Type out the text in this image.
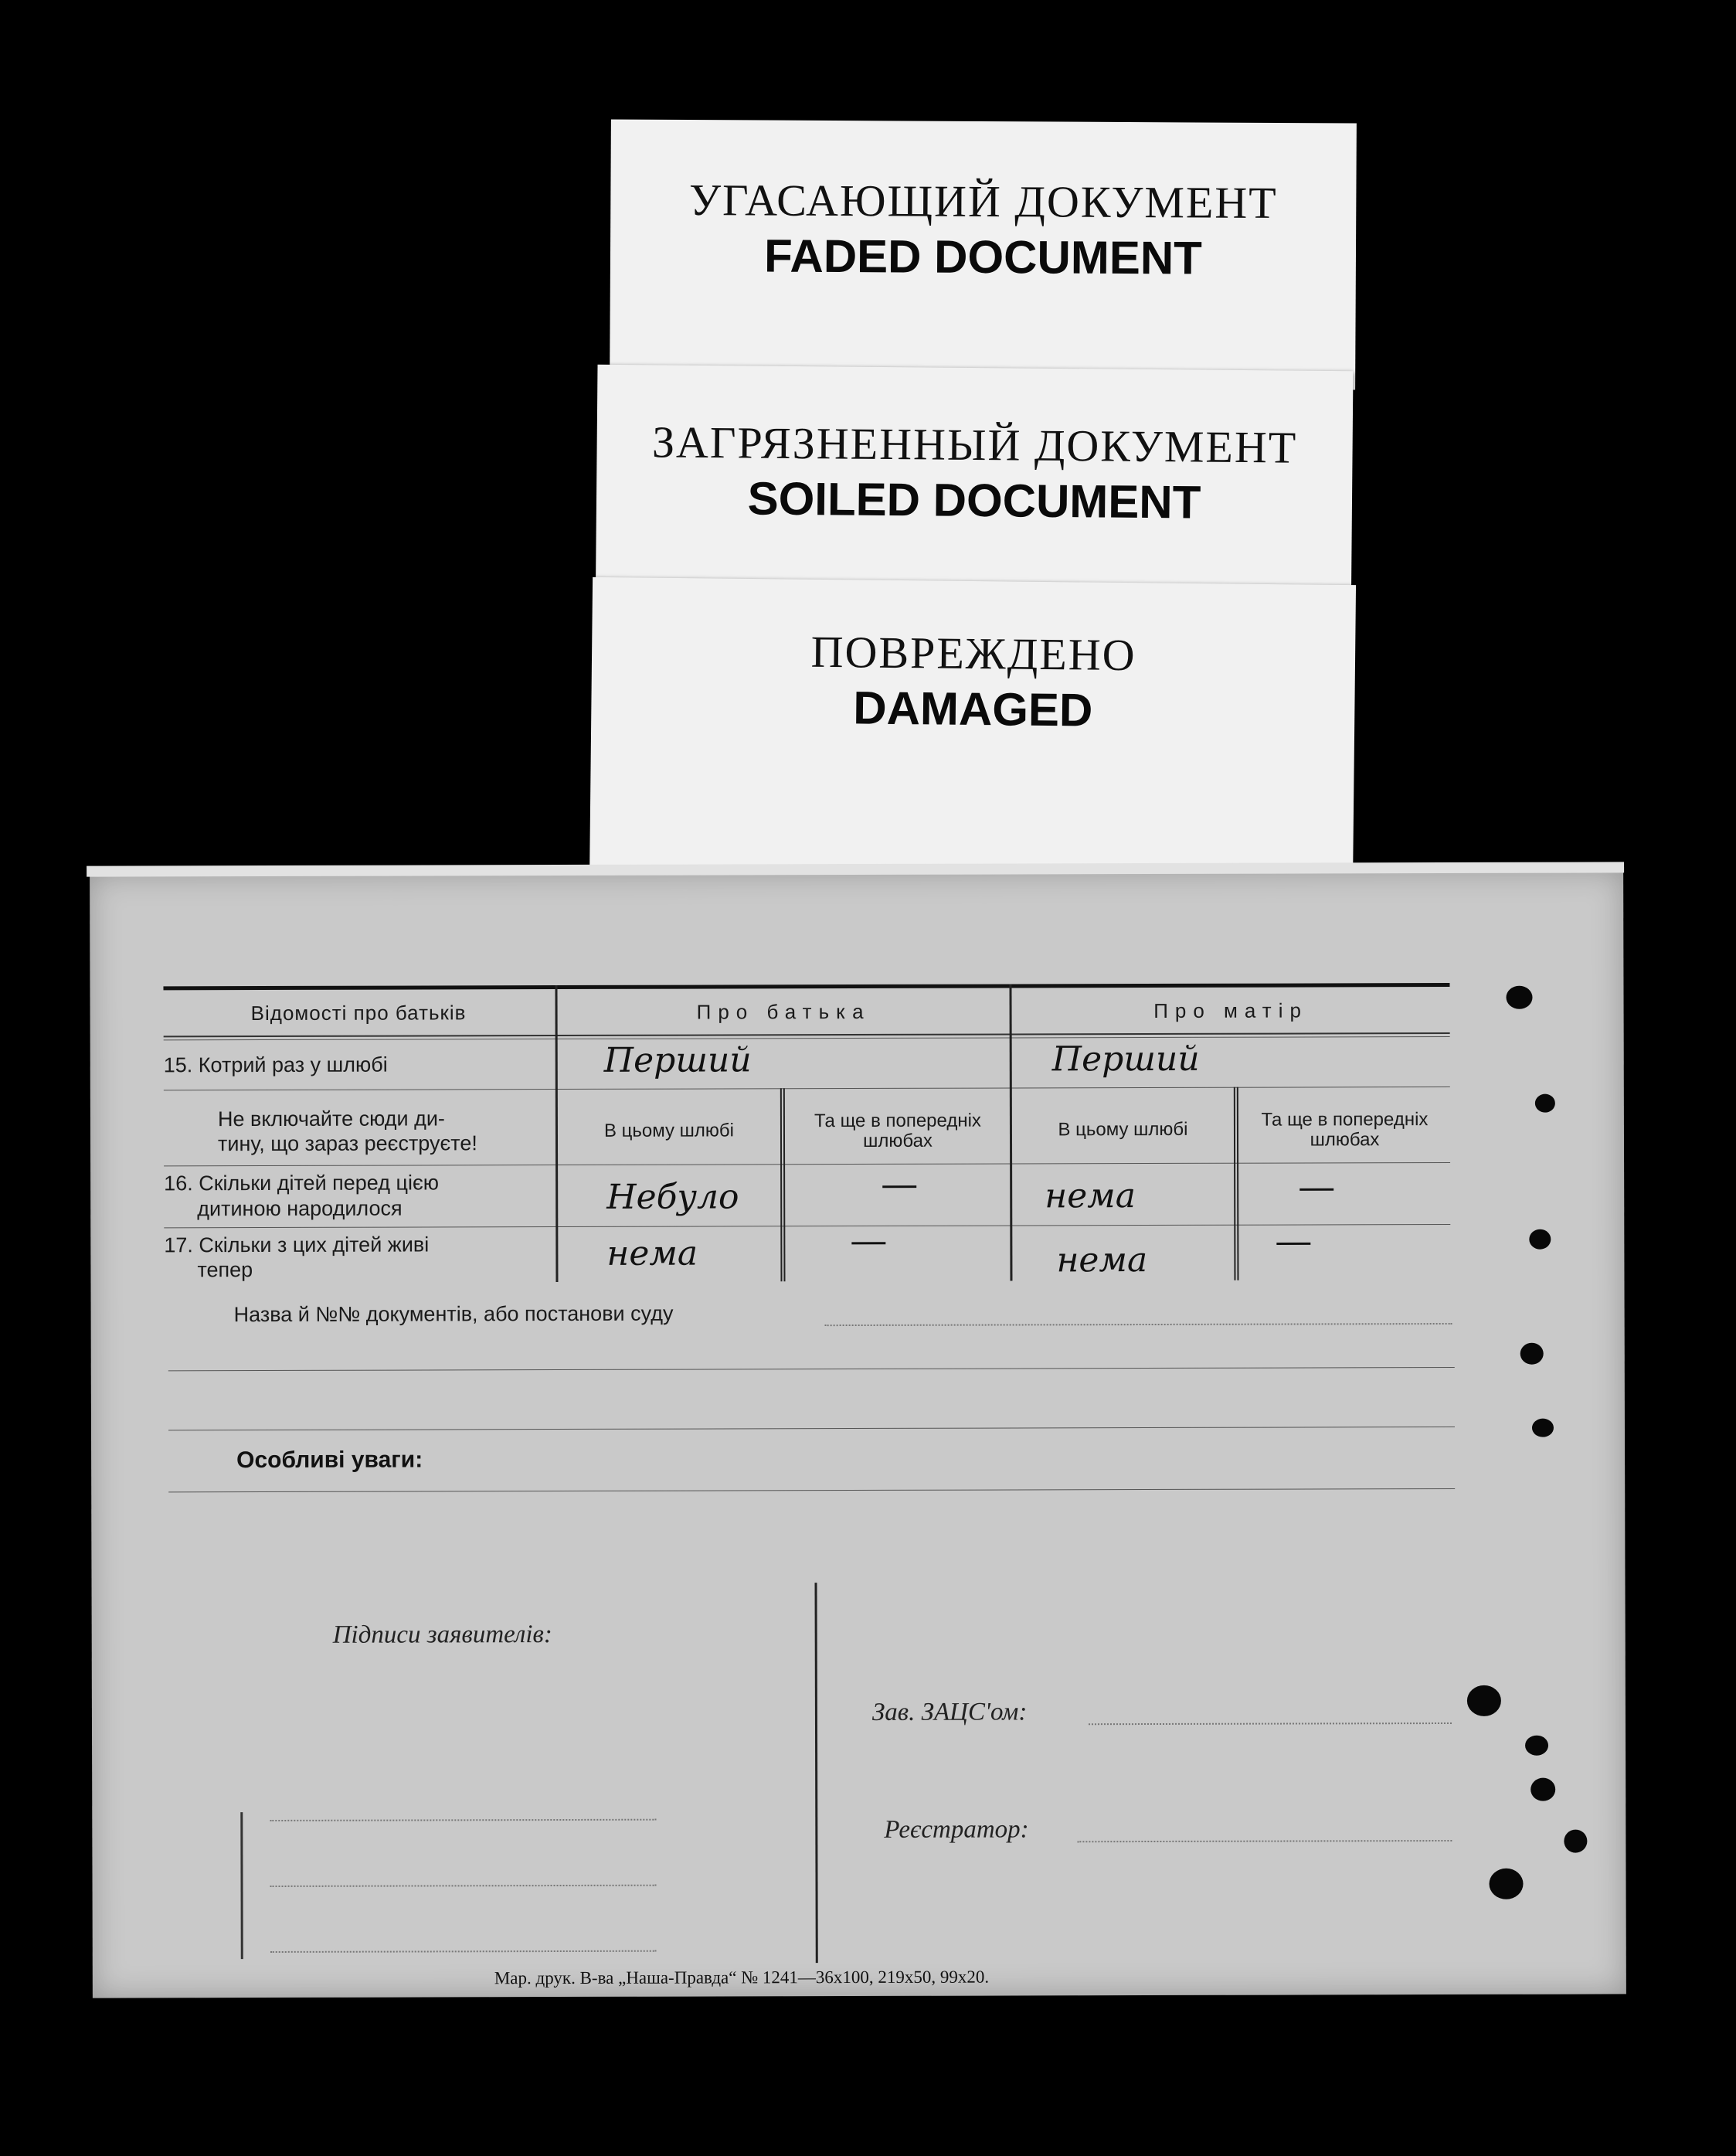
УГАСАЮЩИЙ ДОКУМЕНТ
FADED DOCUMENT
ЗАГРЯЗНЕННЫЙ ДОКУМЕНТ
SOILED DOCUMENT
ПОВРЕЖДЕНО
DAMAGED
Відомості про батьків	Про батька	Про матір
15. Котрий раз у шлюбі	Перший	Перший
Не включайте сюди ди-
тину, що зараз реєструєте!
В цьому шлюбі	Та ще в попередніх шлюбах
В цьому шлюбі	Та ще в попередніх шлюбах
16. Скільки дітей перед цією
дитиною народилося	Небуло	—	нема	—
17. Скільки з цих дітей живі
тепер	нема	—	нема	—
Назва й №№ документів, або постанови суду
Особливі уваги:
Підписи заявителів:
Зав. ЗАЦС'ом:
Реєстратор:
Мар. друк. В-ва „Наша-Правда“ № 1241—36х100, 219х50, 99х20.
